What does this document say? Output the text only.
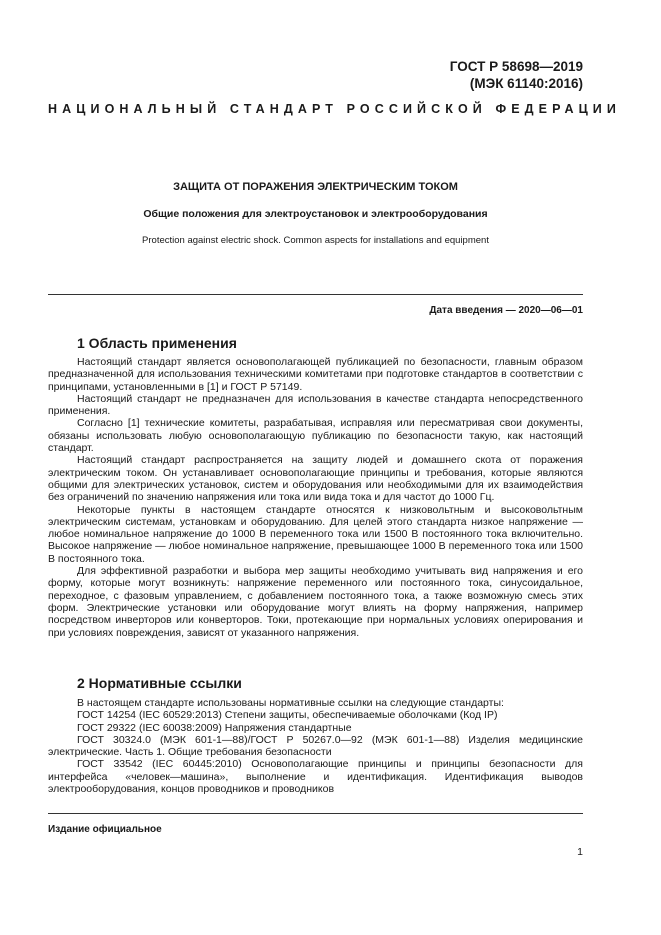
ГОСТ Р 58698—2019
(МЭК 61140:2016)
НАЦИОНАЛЬНЫЙ СТАНДАРТ РОССИЙСКОЙ ФЕДЕРАЦИИ
ЗАЩИТА ОТ ПОРАЖЕНИЯ ЭЛЕКТРИЧЕСКИМ ТОКОМ
Общие положения для электроустановок и электрооборудования
Protection against electric shock. Common aspects for installations and equipment
Дата введения — 2020—06—01
1 Область применения

Настоящий стандарт является основополагающей публикацией по безопасности, главным образом предназначенной для использования техническими комитетами при подготовке стандартов в соответствии с принципами, установленными в [1] и ГОСТ Р 57149.

Настоящий стандарт не предназначен для использования в качестве стандарта непосредственного применения.

Согласно [1] технические комитеты, разрабатывая, исправляя или пересматривая свои документы, обязаны использовать любую основополагающую публикацию по безопасности такую, как настоящий стандарт.

Настоящий стандарт распространяется на защиту людей и домашнего скота от поражения электрическим током. Он устанавливает основополагающие принципы и требования, которые являются общими для электрических установок, систем и оборудования или необходимыми для их взаимодействия без ограничений по значению напряжения или тока или вида тока и для частот до 1000 Гц.

Некоторые пункты в настоящем стандарте относятся к низковольтным и высоковольтным электрическим системам, установкам и оборудованию. Для целей этого стандарта низкое напряжение — любое номинальное напряжение до 1000 В переменного тока или 1500 В постоянного тока включительно. Высокое напряжение — любое номинальное напряжение, превышающее 1000 В переменного тока или 1500 В постоянного тока.

Для эффективной разработки и выбора мер защиты необходимо учитывать вид напряжения и его форму, которые могут возникнуть: напряжение переменного или постоянного тока, синусоидальное, переходное, с фазовым управлением, с добавлением постоянного тока, а также возможную смесь этих форм. Электрические установки или оборудование могут влиять на форму напряжения, например посредством инверторов или конверторов. Токи, протекающие при нормальных условиях оперирования и при условиях повреждения, зависят от указанного напряжения.

2 Нормативные ссылки

В настоящем стандарте использованы нормативные ссылки на следующие стандарты:

ГОСТ 14254 (IEC 60529:2013) Степени защиты, обеспечиваемые оболочками (Код IP)

ГОСТ 29322 (IEC 60038:2009) Напряжения стандартные

ГОСТ 30324.0 (МЭК 601-1—88)/ГОСТ Р 50267.0—92 (МЭК 601-1—88) Изделия медицинские электрические. Часть 1. Общие требования безопасности

ГОСТ 33542 (IEC 60445:2010) Основополагающие принципы и принципы безопасности для интерфейса «человек—машина», выполнение и идентификация. Идентификация выводов электрооборудования, концов проводников и проводников

Издание официальное
1
